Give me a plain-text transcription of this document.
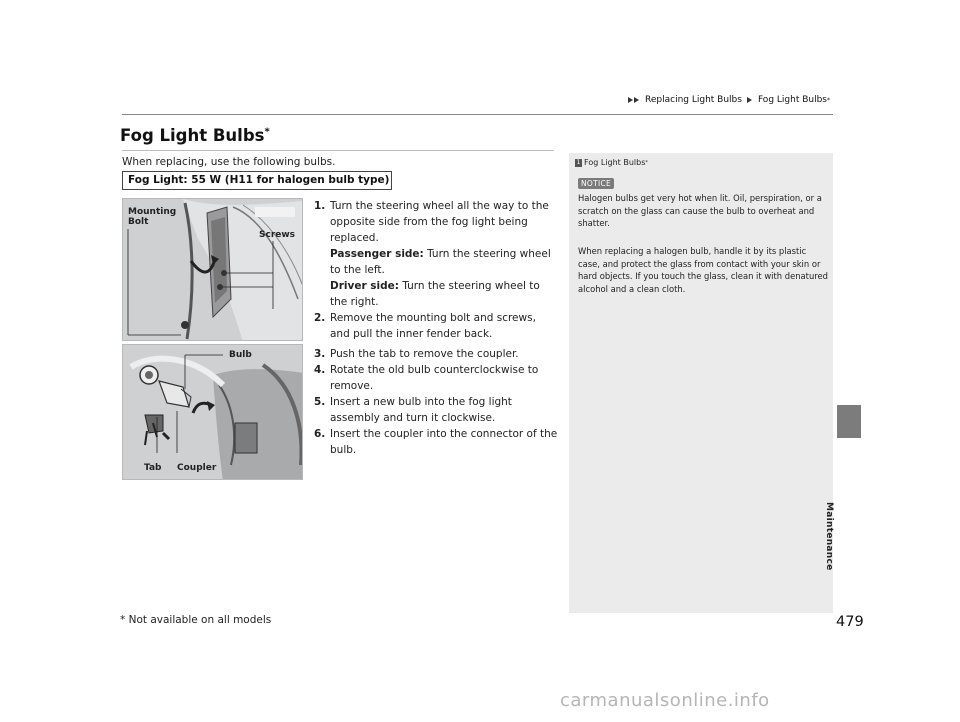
Replacing Light Bulbs Fog Light Bulbs *
Fog Light Bulbs*
When replacing, use the following bulbs.
Fog Light: 55 W (H11 for halogen bulb type)
Mounting
Bolt
Screws
Bulb
Tab Coupler
1. Turn the steering wheel all the way to the opposite side from the fog light being replaced.
Passenger side: Turn the steering wheel to the left.
Driver side: Turn the steering wheel to the right.
2. Remove the mounting bolt and screws, and pull the inner fender back.
3. Push the tab to remove the coupler.
4. Rotate the old bulb counterclockwise to remove.
5. Insert a new bulb into the fog light assembly and turn it clockwise.
6. Insert the coupler into the connector of the bulb.
1 Fog Light Bulbs *
NOTICE
Halogen bulbs get very hot when lit. Oil, perspiration, or a scratch on the glass can cause the bulb to overheat and shatter.
When replacing a halogen bulb, handle it by its plastic case, and protect the glass from contact with your skin or hard objects. If you touch the glass, clean it with denatured alcohol and a clean cloth.
Maintenance
* Not available on all models	479
carmanualsonline.info
